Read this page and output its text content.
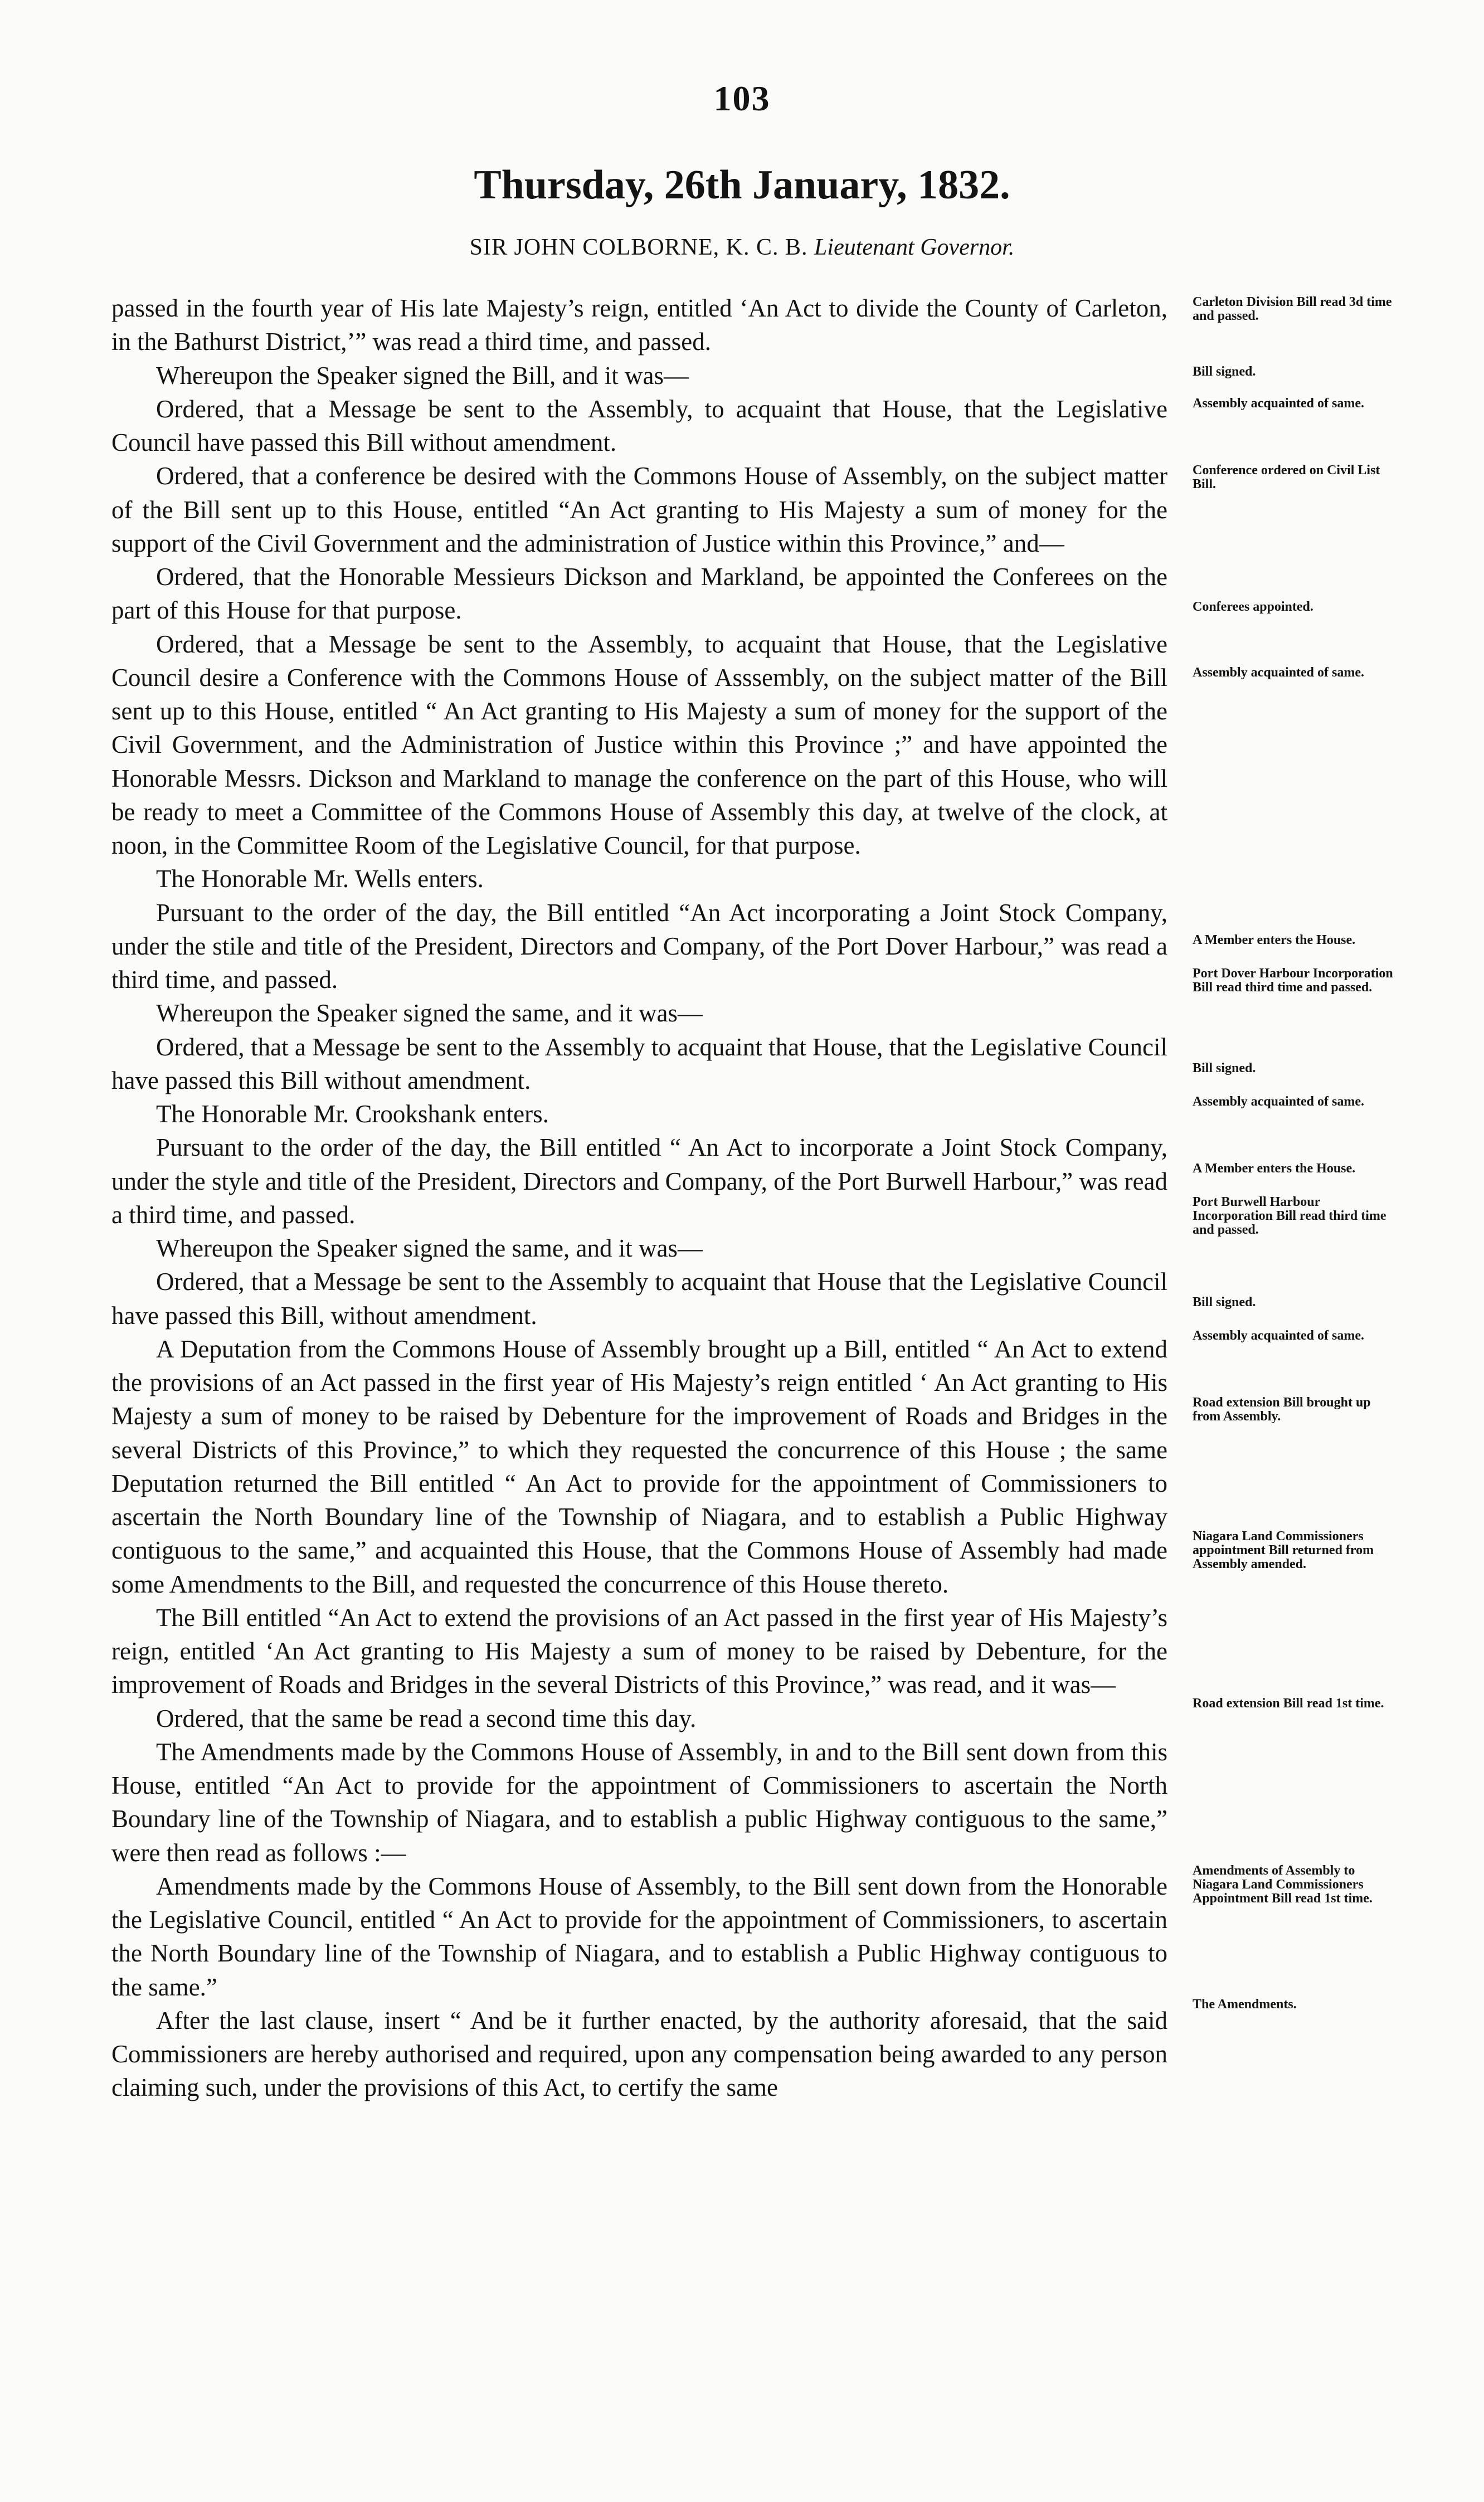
103
Thursday, 26th January, 1832.
SIR JOHN COLBORNE, K. C. B. Lieutenant Governor.

passed in the fourth year of His late Majesty’s reign, entitled ‘An Act to divide the County of Carleton, in the Bathurst District,’” was read a third time, and passed.

Whereupon the Speaker signed the Bill, and it was—

Ordered, that a Message be sent to the Assembly, to acquaint that House, that the Legislative Council have passed this Bill without amendment.

Ordered, that a conference be desired with the Commons House of Assembly, on the subject matter of the Bill sent up to this House, entitled “An Act granting to His Majesty a sum of money for the support of the Civil Government and the administration of Justice within this Province,” and—

Ordered, that the Honorable Messieurs Dickson and Markland, be appointed the Conferees on the part of this House for that purpose.

Ordered, that a Message be sent to the Assembly, to acquaint that House, that the Legislative Council desire a Conference with the Commons House of Asssembly, on the subject matter of the Bill sent up to this House, entitled “ An Act granting to His Majesty a sum of money for the support of the Civil Government, and the Administration of Justice within this Province ;” and have appointed the Honorable Messrs. Dickson and Markland to manage the conference on the part of this House, who will be ready to meet a Committee of the Commons House of Assembly this day, at twelve of the clock, at noon, in the Committee Room of the Legislative Council, for that purpose.

The Honorable Mr. Wells enters.

Pursuant to the order of the day, the Bill entitled “An Act incorporating a Joint Stock Company, under the stile and title of the President, Directors and Company, of the Port Dover Harbour,” was read a third time, and passed.

Whereupon the Speaker signed the same, and it was—

Ordered, that a Message be sent to the Assembly to acquaint that House, that the Legislative Council have passed this Bill without amendment.

The Honorable Mr. Crookshank enters.

Pursuant to the order of the day, the Bill entitled “ An Act to incorporate a Joint Stock Company, under the style and title of the President, Directors and Company, of the Port Burwell Harbour,” was read a third time, and passed.

Whereupon the Speaker signed the same, and it was—

Ordered, that a Message be sent to the Assembly to acquaint that House that the Legislative Council have passed this Bill, without amendment.

A Deputation from the Commons House of Assembly brought up a Bill, entitled “ An Act to extend the provisions of an Act passed in the first year of His Majesty’s reign entitled ‘ An Act granting to His Majesty a sum of money to be raised by Debenture for the improvement of Roads and Bridges in the several Districts of this Province,” to which they requested the concurrence of this House ; the same Deputation returned the Bill entitled “ An Act to provide for the appointment of Commissioners to ascertain the North Boundary line of the Township of Niagara, and to establish a Public Highway contiguous to the same,” and acquainted this House, that the Commons House of Assembly had made some Amendments to the Bill, and requested the concurrence of this House thereto.

The Bill entitled “An Act to extend the provisions of an Act passed in the first year of His Majesty’s reign, entitled ‘An Act granting to His Majesty a sum of money to be raised by Debenture, for the improvement of Roads and Bridges in the several Districts of this Province,” was read, and it was—

Ordered, that the same be read a second time this day.

The Amendments made by the Commons House of Assembly, in and to the Bill sent down from this House, entitled “An Act to provide for the appointment of Commissioners to ascertain the North Boundary line of the Township of Niagara, and to establish a public Highway contiguous to the same,” were then read as follows :—

Amendments made by the Commons House of Assembly, to the Bill sent down from the Honorable the Legislative Council, entitled “ An Act to provide for the appointment of Commissioners, to ascertain the North Boundary line of the Township of Niagara, and to establish a Public Highway contiguous to the same.”

After the last clause, insert “ And be it further enacted, by the authority aforesaid, that the said Commissioners are hereby authorised and required, upon any compensation being awarded to any person claiming such, under the provisions of this Act, to certify the same

Carleton Division Bill read 3d time and passed.
Bill signed.
Assembly acquainted of same.
Conference ordered on Civil List Bill.
Conferees appointed.
Assembly acquainted of same.
A Member enters the House.
Port Dover Harbour Incorporation Bill read third time and passed.
Bill signed.
Assembly acquainted of same.
A Member enters the House.
Port Burwell Harbour Incorporation Bill read third time and passed.
Bill signed.
Assembly acquainted of same.
Road extension Bill brought up from Assembly.
Niagara Land Commissioners appointment Bill returned from Assembly amended.
Road extension Bill read 1st time.
Amendments of Assembly to Niagara Land Commissioners Appointment Bill read 1st time.
The Amendments.
